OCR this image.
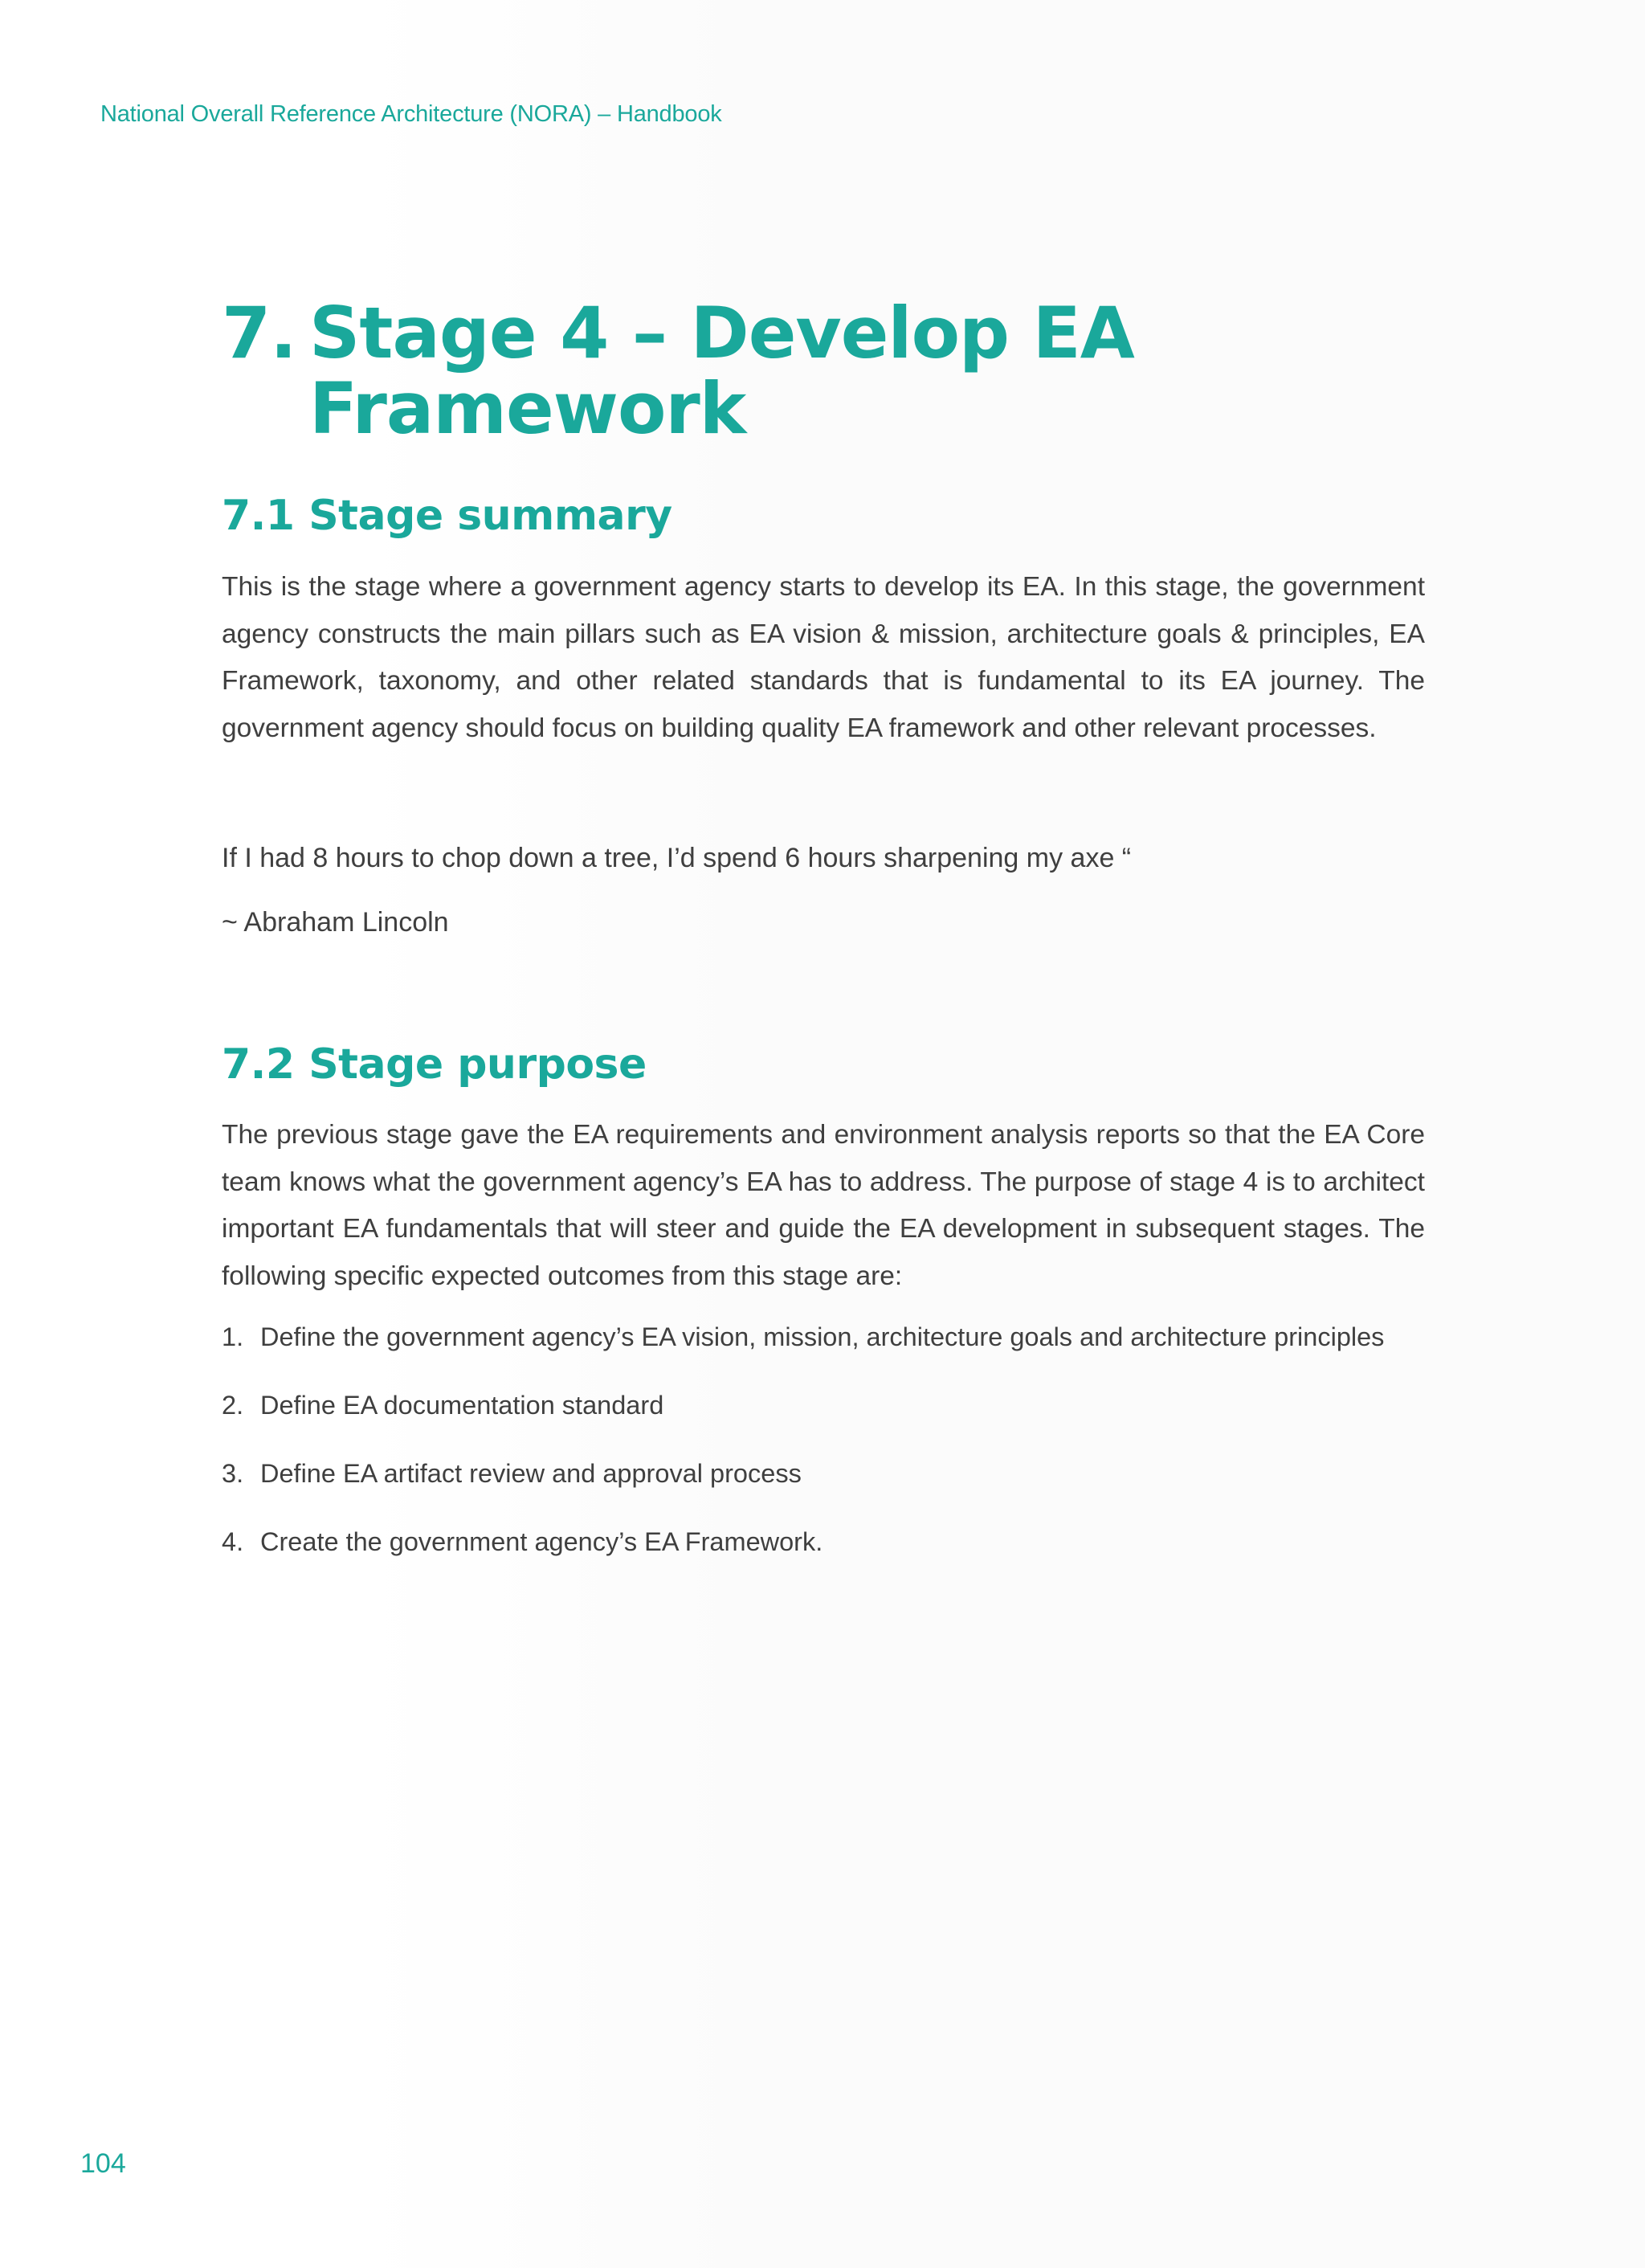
National Overall Reference Architecture (NORA) – Handbook
7. Stage 4 – Develop EA
Framework
7.1 Stage summary

This is the stage where a government agency starts to develop its EA. In this stage, the government agency constructs the main pillars such as EA vision & mission, architecture goals & principles, EA Framework, taxonomy, and other related standards that is fundamental to its EA journey. The government agency should focus on building quality EA framework and other relevant processes.

If I had 8 hours to chop down a tree, I’d spend 6 hours sharpening my axe “

~ Abraham Lincoln

7.2 Stage purpose

The previous stage gave the EA requirements and environment analysis reports so that the EA Core team knows what the government agency’s EA has to address. The purpose of stage 4 is to architect important EA fundamentals that will steer and guide the EA development in subsequent stages. The following specific expected outcomes from this stage are:

1. Define the government agency’s EA vision, mission, architecture goals and architecture principles
2. Define EA documentation standard
3. Define EA artifact review and approval process
4. Create the government agency’s EA Framework.
104
